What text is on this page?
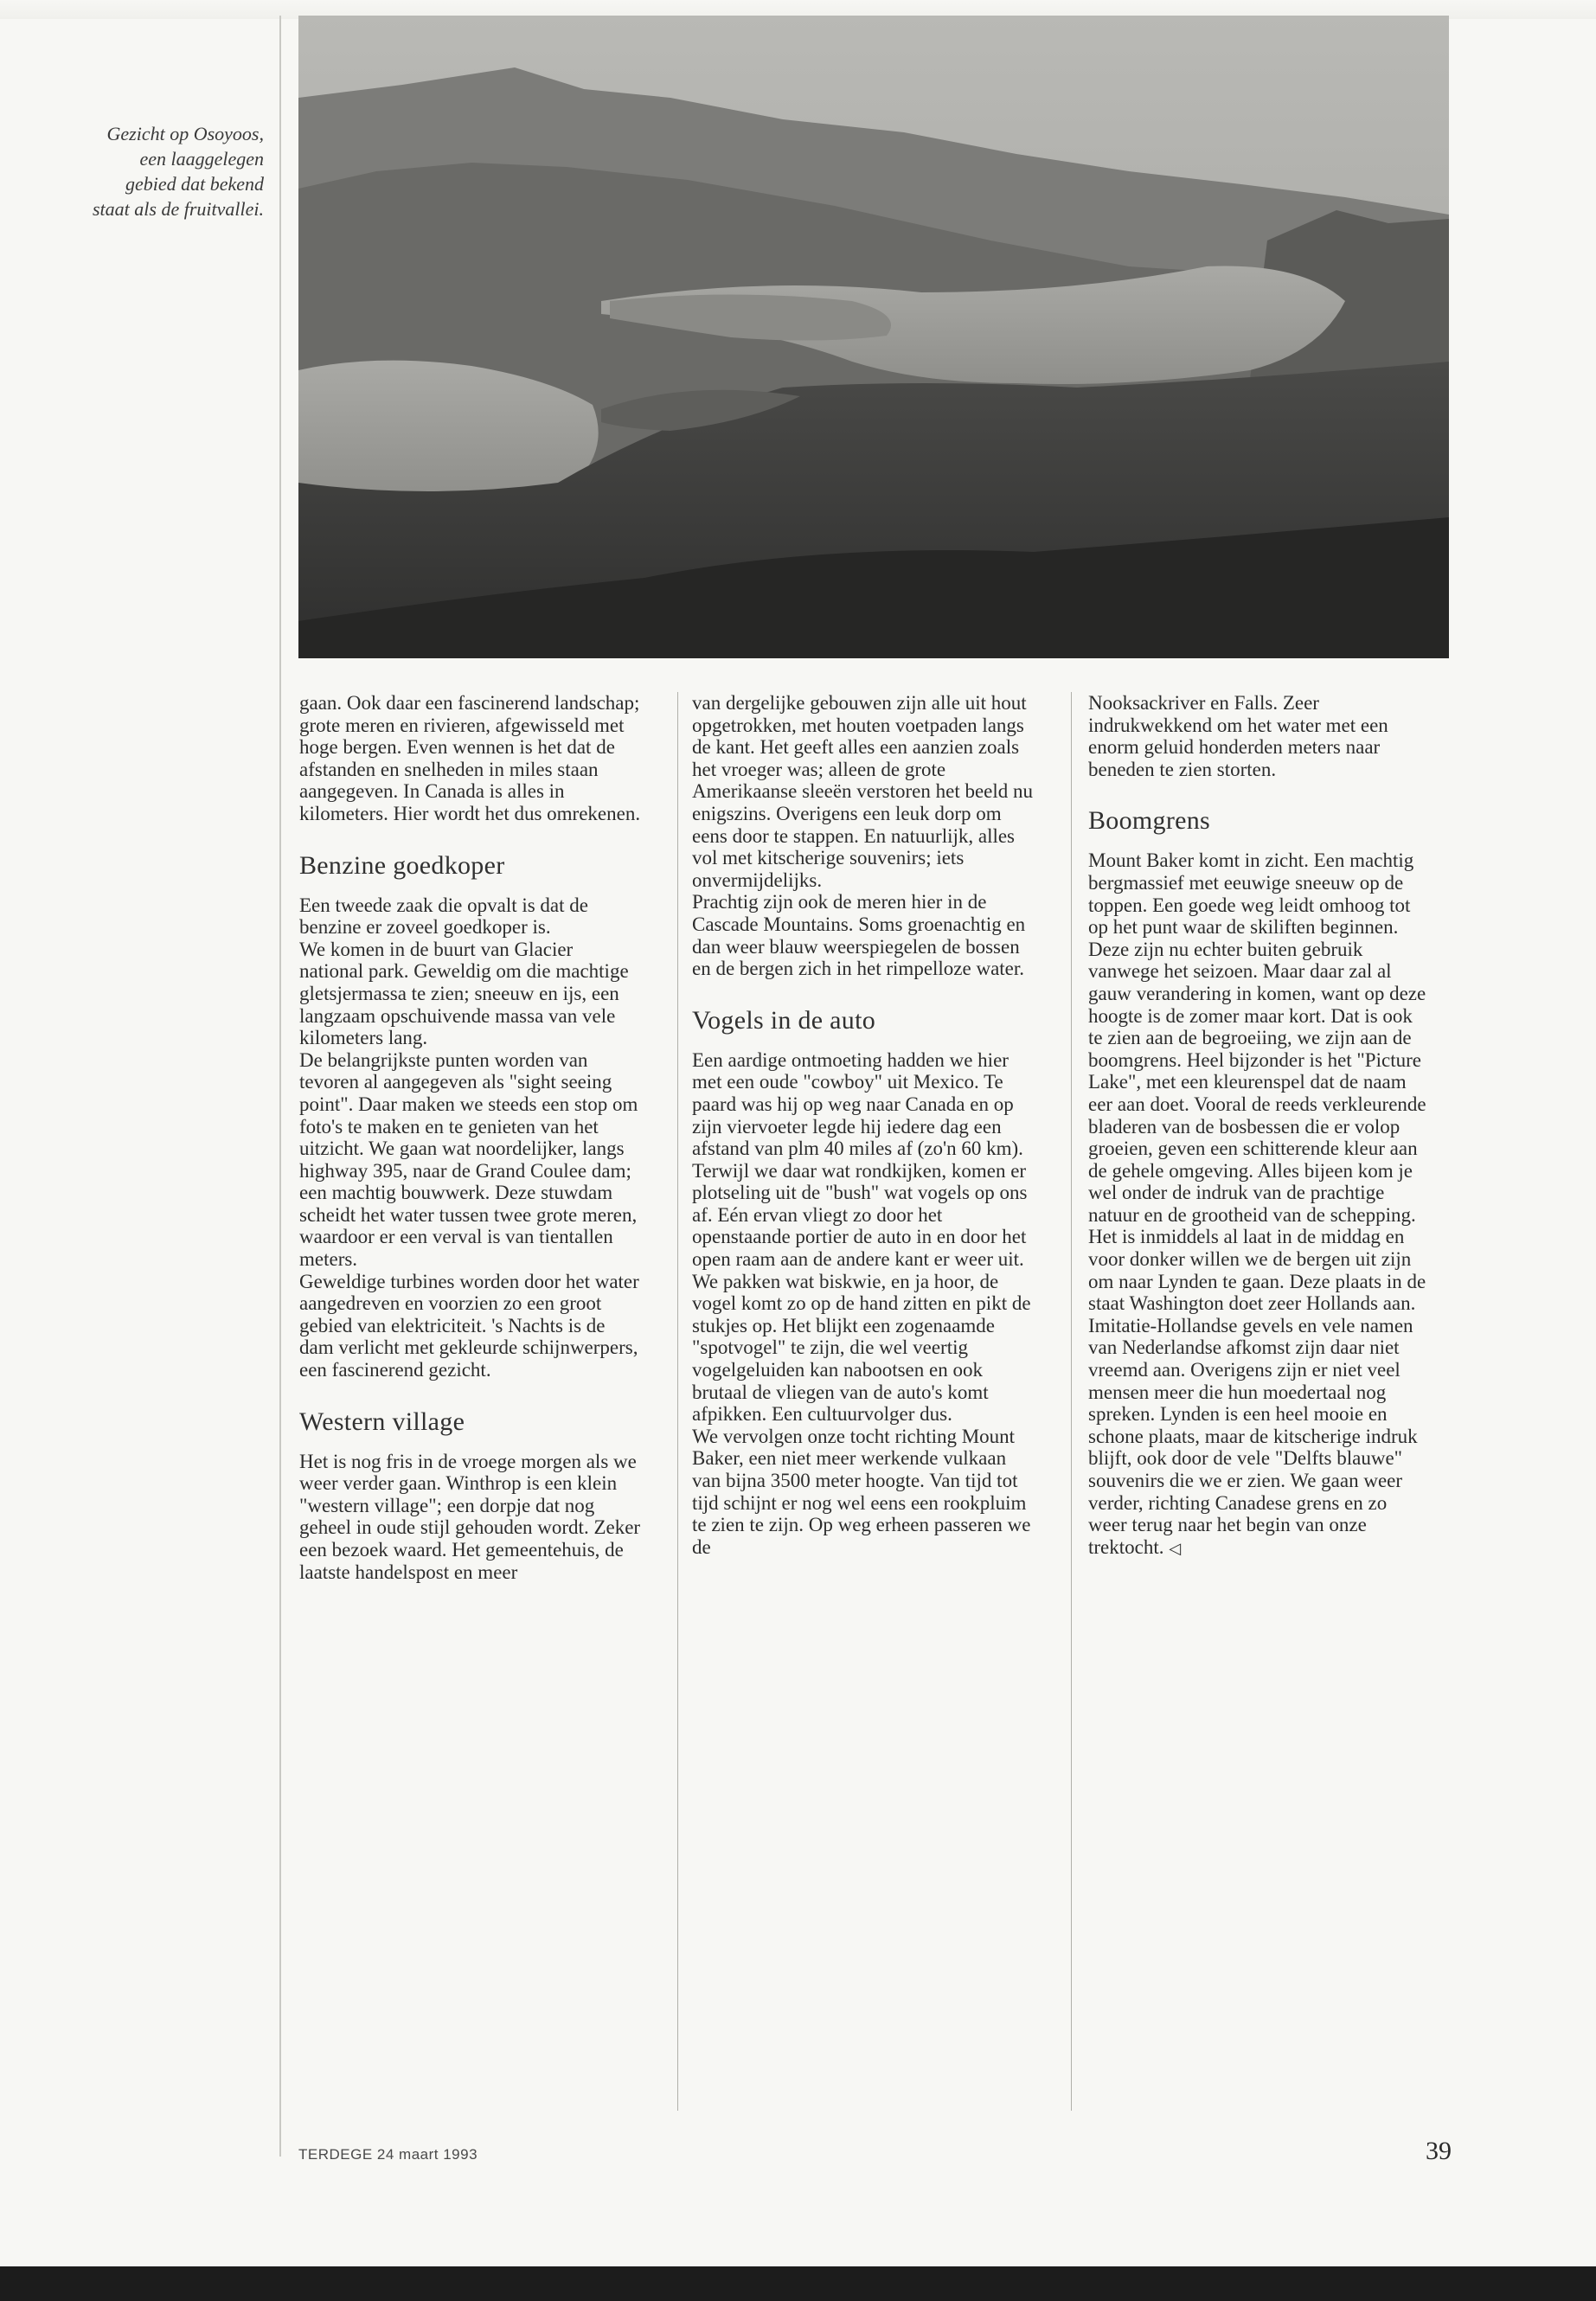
Gezicht op Osoyoos, een laaggelegen gebied dat bekend staat als de fruitvallei.

gaan. Ook daar een fascinerend landschap; grote meren en rivieren, afgewisseld met hoge bergen. Even wennen is het dat de afstanden en snelheden in miles staan aangegeven. In Canada is alles in kilometers. Hier wordt het dus omrekenen.

Benzine goedkoper

Een tweede zaak die opvalt is dat de benzine er zoveel goedkoper is.

We komen in de buurt van Glacier national park. Geweldig om die machtige gletsjermassa te zien; sneeuw en ijs, een langzaam opschuivende massa van vele kilometers lang.

De belangrijkste punten worden van tevoren al aangegeven als "sight seeing point". Daar maken we steeds een stop om foto's te maken en te genieten van het uitzicht. We gaan wat noordelijker, langs highway 395, naar de Grand Coulee dam; een machtig bouwwerk. Deze stuwdam scheidt het water tussen twee grote meren, waardoor er een verval is van tientallen meters.

Geweldige turbines worden door het water aangedreven en voorzien zo een groot gebied van elektriciteit. 's Nachts is de dam verlicht met gekleurde schijnwerpers, een fascinerend gezicht.

Western village

Het is nog fris in de vroege morgen als we weer verder gaan. Winthrop is een klein "western village"; een dorpje dat nog geheel in oude stijl gehouden wordt. Zeker een bezoek waard. Het gemeentehuis, de laatste handelspost en meer

van dergelijke gebouwen zijn alle uit hout opgetrokken, met houten voetpaden langs de kant. Het geeft alles een aanzien zoals het vroeger was; alleen de grote Amerikaanse sleeën verstoren het beeld nu enigszins. Overigens een leuk dorp om eens door te stappen. En natuurlijk, alles vol met kitscherige souvenirs; iets onvermijdelijks.

Prachtig zijn ook de meren hier in de Cascade Mountains. Soms groenachtig en dan weer blauw weerspiegelen de bossen en de bergen zich in het rimpelloze water.

Vogels in de auto

Een aardige ontmoeting hadden we hier met een oude "cowboy" uit Mexico. Te paard was hij op weg naar Canada en op zijn viervoeter legde hij iedere dag een afstand van plm 40 miles af (zo'n 60 km).

Terwijl we daar wat rondkijken, komen er plotseling uit de "bush" wat vogels op ons af. Eén ervan vliegt zo door het openstaande portier de auto in en door het open raam aan de andere kant er weer uit. We pakken wat biskwie, en ja hoor, de vogel komt zo op de hand zitten en pikt de stukjes op. Het blijkt een zogenaamde "spotvogel" te zijn, die wel veertig vogelgeluiden kan nabootsen en ook brutaal de vliegen van de auto's komt afpikken. Een cultuurvolger dus.

We vervolgen onze tocht richting Mount Baker, een niet meer werkende vulkaan van bijna 3500 meter hoogte. Van tijd tot tijd schijnt er nog wel eens een rookpluim te zien te zijn. Op weg erheen passeren we de

Nooksackriver en Falls. Zeer indrukwekkend om het water met een enorm geluid honderden meters naar beneden te zien storten.

Boomgrens

Mount Baker komt in zicht. Een machtig bergmassief met eeuwige sneeuw op de toppen. Een goede weg leidt omhoog tot op het punt waar de skiliften beginnen. Deze zijn nu echter buiten gebruik vanwege het seizoen. Maar daar zal al gauw verandering in komen, want op deze hoogte is de zomer maar kort. Dat is ook te zien aan de begroeiing, we zijn aan de boomgrens. Heel bijzonder is het "Picture Lake", met een kleurenspel dat de naam eer aan doet. Vooral de reeds verkleurende bladeren van de bosbessen die er volop groeien, geven een schitterende kleur aan de gehele omgeving. Alles bijeen kom je wel onder de indruk van de prachtige natuur en de grootheid van de schepping.

Het is inmiddels al laat in de middag en voor donker willen we de bergen uit zijn om naar Lynden te gaan. Deze plaats in de staat Washington doet zeer Hollands aan. Imitatie-Hollandse gevels en vele namen van Nederlandse afkomst zijn daar niet vreemd aan. Overigens zijn er niet veel mensen meer die hun moedertaal nog spreken. Lynden is een heel mooie en schone plaats, maar de kitscherige indruk blijft, ook door de vele "Delfts blauwe" souvenirs die we er zien. We gaan weer verder, richting Canadese grens en zo weer terug naar het begin van onze trektocht. ◁

TERDEGE 24 maart 1993	39
